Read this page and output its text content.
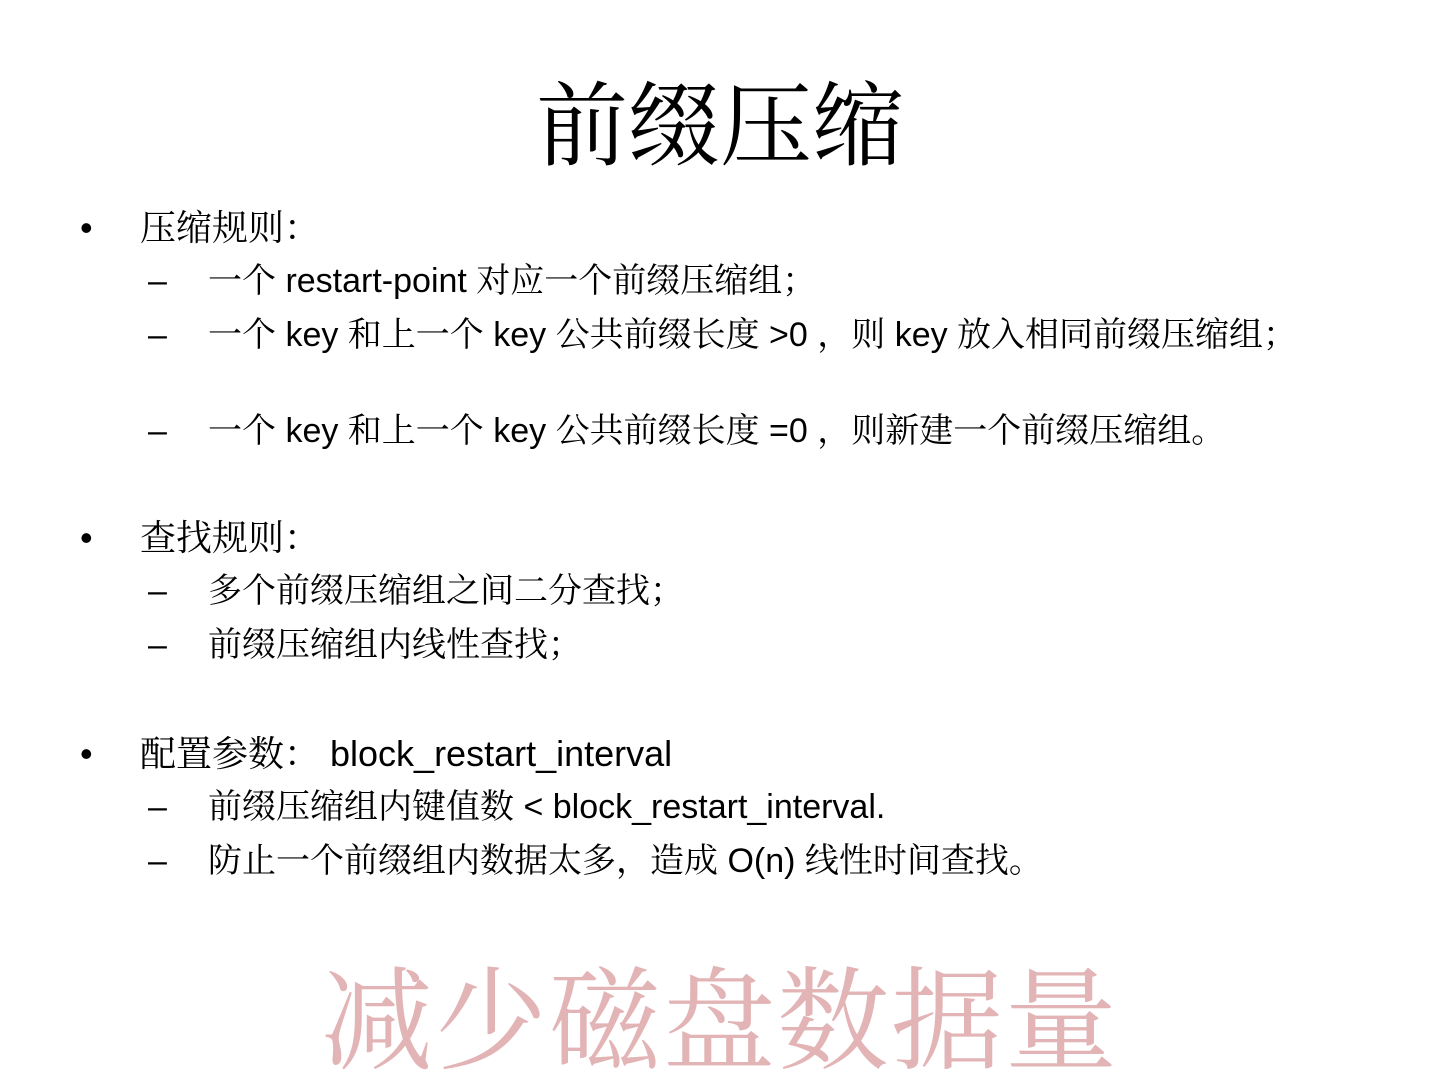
前缀压缩
• 压缩规则：
– 一个 restart-point 对应一个前缀压缩组；
– 一个 key 和上一个 key 公共前缀长度 >0 ，则 key 放入相同前缀压缩组；
– 一个 key 和上一个 key 公共前缀长度 =0 ，则新建一个前缀压缩组。
• 查找规则：
– 多个前缀压缩组之间二分查找；
– 前缀压缩组内线性查找；
• 配置参数： block_restart_interval
– 前缀压缩组内键值数 < block_restart_interval.
– 防止一个前缀组内数据太多，造成 O(n) 线性时间查找。
减少磁盘数据量
